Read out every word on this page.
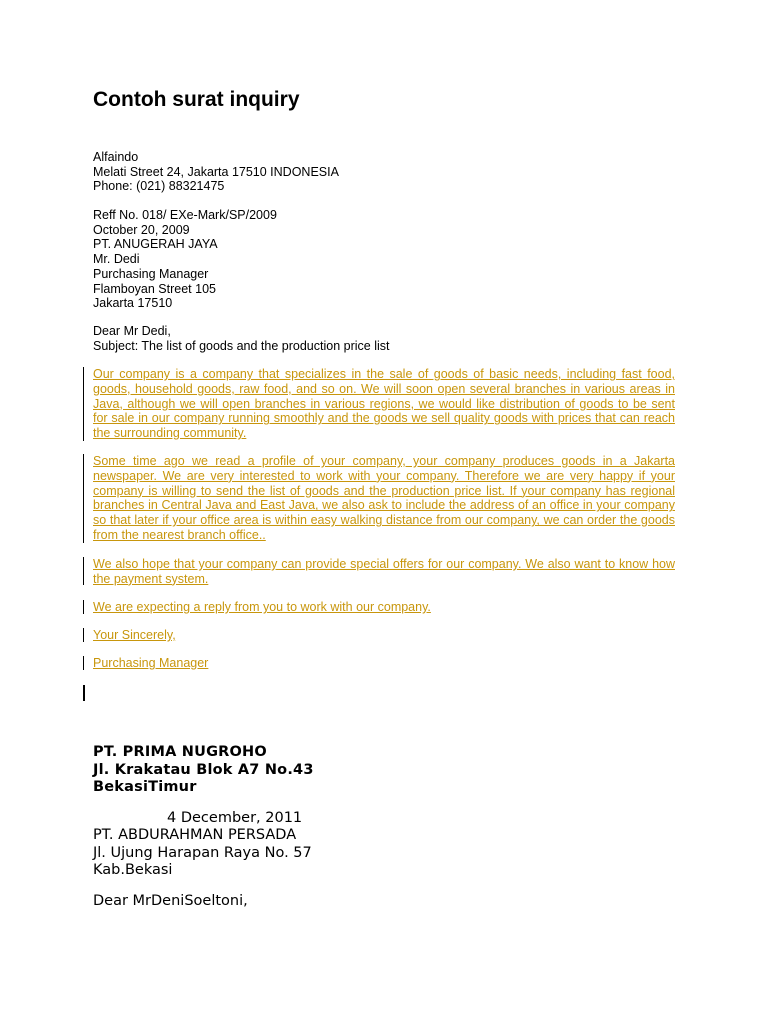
Contoh surat inquiry
Alfaindo
Melati Street 24, Jakarta 17510 INDONESIA
Phone: (021) 88321475
Reff No. 018/ EXe-Mark/SP/2009
October 20, 2009
PT. ANUGERAH JAYA
Mr. Dedi
Purchasing Manager
Flamboyan Street 105
Jakarta 17510
Dear Mr Dedi,
Subject: The list of goods and the production price list
Our company is a company that specializes in the sale of goods of basic needs, including fast food, goods, household goods, raw food, and so on. We will soon open several branches in various areas in Java, although we will open branches in various regions, we would like distribution of goods to be sent for sale in our company running smoothly and the goods we sell quality goods with prices that can reach the surrounding community.
Some time ago we read a profile of your company, your company produces goods in a Jakarta newspaper. We are very interested to work with your company. Therefore we are very happy if your company is willing to send the list of goods and the production price list. If your company has regional branches in Central Java and East Java, we also ask to include the address of an office in your company so that later if your office area is within easy walking distance from our company, we can order the goods from the nearest branch office..
We also hope that your company can provide special offers for our company. We also want to know how the payment system.
We are expecting a reply from you to work with our company.
Your Sincerely,
Purchasing Manager
PT. PRIMA NUGROHO
Jl. Krakatau Blok A7 No.43
BekasiTimur
4 December, 2011
PT. ABDURAHMAN PERSADA
Jl. Ujung Harapan Raya No. 57
Kab.Bekasi
Dear MrDeniSoeltoni,
